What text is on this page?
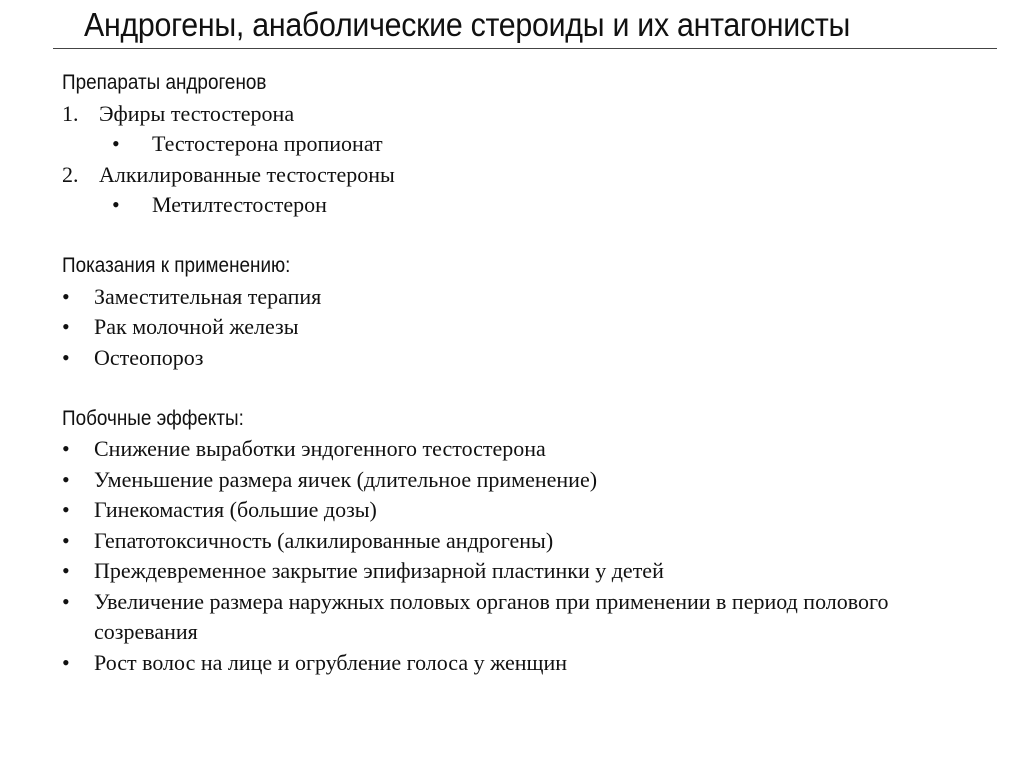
Андрогены, анаболические стероиды и их антагонисты
Препараты андрогенов
1. Эфиры тестостерона
• Тестостерона пропионат
2. Алкилированные тестостероны
• Метилтестостерон
Показания к применению:
• Заместительная терапия
• Рак молочной железы
• Остеопороз
Побочные эффекты:
• Снижение выработки эндогенного тестостерона
• Уменьшение размера яичек (длительное применение)
• Гинекомастия (большие дозы)
• Гепатотоксичность (алкилированные андрогены)
• Преждевременное закрытие эпифизарной пластинки у детей
• Увеличение размера наружных половых органов при применении в период полового созревания
• Рост волос на лице и огрубление голоса у женщин
